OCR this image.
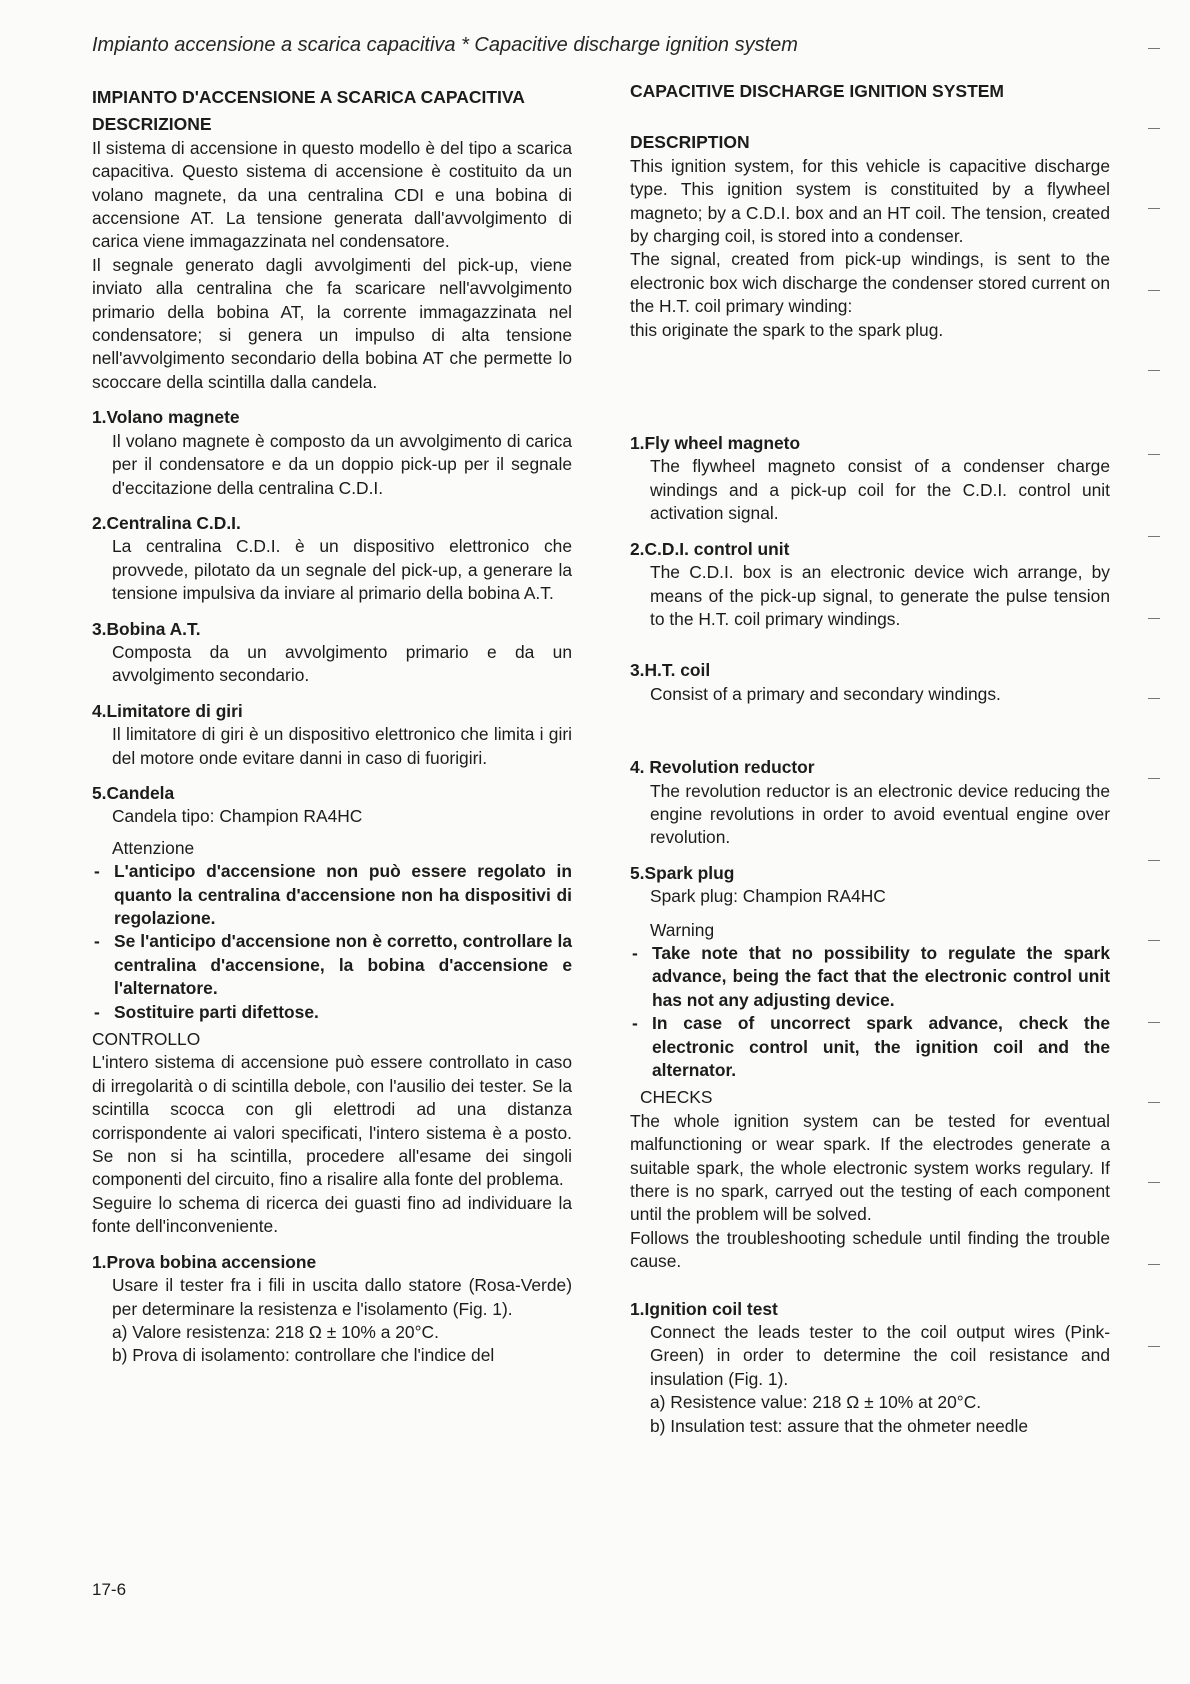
Impianto accensione a scarica capacitiva * Capacitive discharge ignition system

IMPIANTO D'ACCENSIONE A SCARICA CAPACITIVA

DESCRIZIONE

Il sistema di accensione in questo modello è del tipo a scarica capacitiva. Questo sistema di accensione è costituito da un volano magnete, da una centralina CDI e una bobina di accensione AT. La tensione generata dall'avvolgimento di carica viene immagazzinata nel condensatore.

Il segnale generato dagli avvolgimenti del pick-up, viene inviato alla centralina che fa scaricare nell'avvolgimento primario della bobina AT, la corrente immagazzinata nel condensatore; si genera un impulso di alta tensione nell'avvolgimento secondario della bobina AT che permette lo scoccare della scintilla dalla candela.

1.Volano magnete
Il volano magnete è composto da un avvolgimento di carica per il condensatore e da un doppio pick-up per il segnale d'eccitazione della centralina C.D.I.
2.Centralina C.D.I.
La centralina C.D.I. è un dispositivo elettronico che provvede, pilotato da un segnale del pick-up, a generare la tensione impulsiva da inviare al primario della bobina A.T.
3.Bobina A.T.
Composta da un avvolgimento primario e da un avvolgimento secondario.
4.Limitatore di giri
Il limitatore di giri è un dispositivo elettronico che limita i giri del motore onde evitare danni in caso di fuorigiri.
5.Candela
Candela tipo: Champion RA4HC
Attenzione
- L'anticipo d'accensione non può essere regolato in quanto la centralina d'accensione non ha dispositivi di regolazione.
- Se l'anticipo d'accensione non è corretto, controllare la centralina d'accensione, la bobina d'accensione e l'alternatore.
- Sostituire parti difettose.

CONTROLLO

L'intero sistema di accensione può essere controllato in caso di irregolarità o di scintilla debole, con l'ausilio dei tester. Se la scintilla scocca con gli elettrodi ad una distanza corrispondente ai valori specificati, l'intero sistema è a posto. Se non si ha scintilla, procedere all'esame dei singoli componenti del circuito, fino a risalire alla fonte del problema.

Seguire lo schema di ricerca dei guasti fino ad individuare la fonte dell'inconveniente.

1.Prova bobina accensione
Usare il tester fra i fili in uscita dallo statore (Rosa-Verde) per determinare la resistenza e l'isolamento (Fig. 1).
a) Valore resistenza: 218 Ω ± 10% a 20°C.
b) Prova di isolamento: controllare che l'indice del

CAPACITIVE DISCHARGE IGNITION SYSTEM

DESCRIPTION

This ignition system, for this vehicle is capacitive discharge type. This ignition system is constituited by a flywheel magneto; by a C.D.I. box and an HT coil. The tension, created by charging coil, is stored into a condenser.

The signal, created from pick-up windings, is sent to the electronic box wich discharge the condenser stored current on the H.T. coil primary winding:

this originate the spark to the spark plug.

1.Fly wheel magneto
The flywheel magneto consist of a condenser charge windings and a pick-up coil for the C.D.I. control unit activation signal.
2.C.D.I. control unit
The C.D.I. box is an electronic device wich arrange, by means of the pick-up signal, to generate the pulse tension to the H.T. coil primary windings.
3.H.T. coil
Consist of a primary and secondary windings.
4. Revolution reductor
The revolution reductor is an electronic device reducing the engine revolutions in order to avoid eventual engine over revolution.
5.Spark plug
Spark plug: Champion RA4HC
Warning
- Take note that no possibility to regulate the spark advance, being the fact that the electronic control unit has not any adjusting device.
- In case of uncorrect spark advance, check the electronic control unit, the ignition coil and the alternator.

CHECKS

The whole ignition system can be tested for eventual malfunctioning or wear spark. If the electrodes generate a suitable spark, the whole electronic system works regulary. If there is no spark, carryed out the testing of each component until the problem will be solved.

Follows the troubleshooting schedule until finding the trouble cause.

1.Ignition coil test
Connect the leads tester to the coil output wires (Pink-Green) in order to determine the coil resistance and insulation (Fig. 1).
a) Resistence value: 218 Ω ± 10% at 20°C.
b) Insulation test: assure that the ohmeter needle
17-6
